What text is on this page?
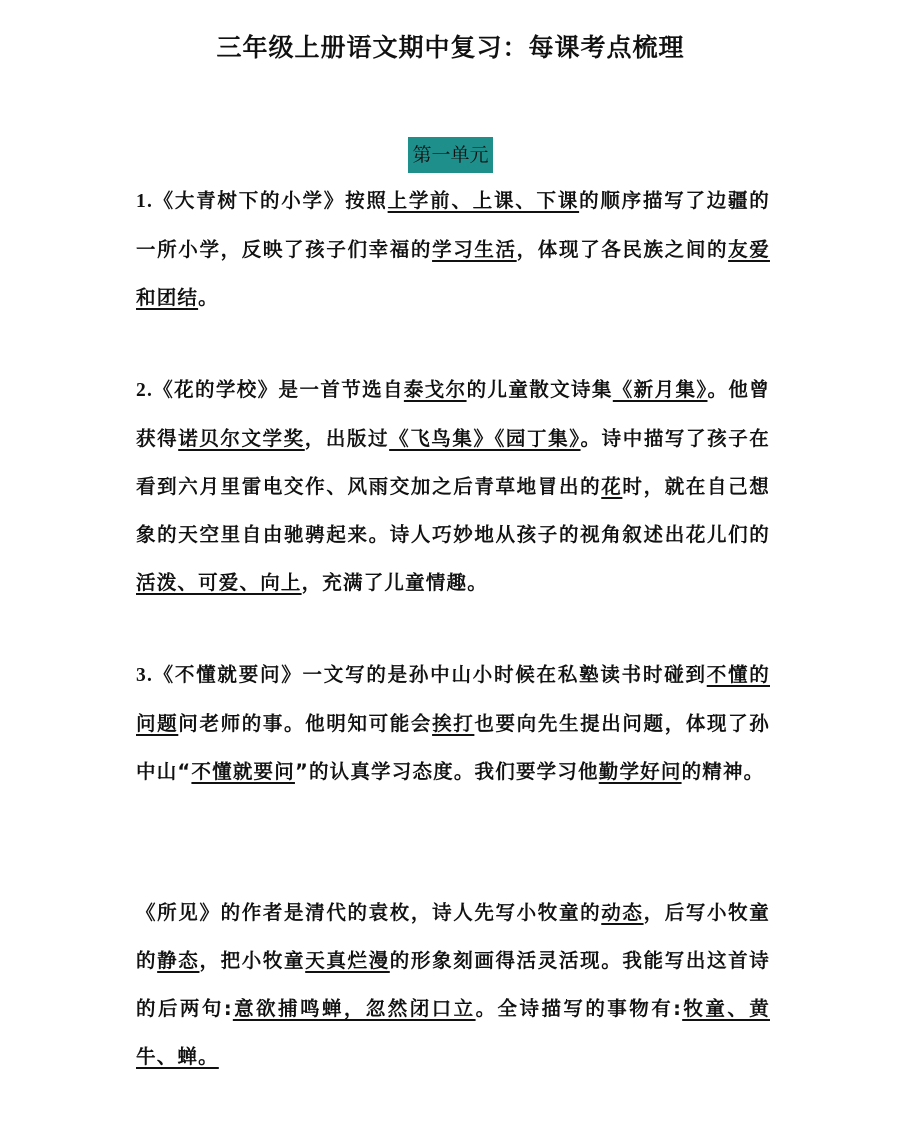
三年级上册语文期中复习：每课考点梳理
第一单元
1.《大青树下的小学》按照上学前、上课、下课的顺序描写了边疆的一所小学，反映了孩子们幸福的学习生活，体现了各民族之间的友爱和团结。
2.《花的学校》是一首节选自泰戈尔的儿童散文诗集《新月集》。他曾获得诺贝尔文学奖，出版过《飞鸟集》《园丁集》。诗中描写了孩子在看到六月里雷电交作、风雨交加之后青草地冒出的花时，就在自己想象的天空里自由驰骋起来。诗人巧妙地从孩子的视角叙述出花儿们的活泼、可爱、向上，充满了儿童情趣。
3.《不懂就要问》一文写的是孙中山小时候在私塾读书时碰到不懂的问题问老师的事。他明知可能会挨打也要向先生提出问题，体现了孙中山“不懂就要问”的认真学习态度。我们要学习他勤学好问的精神。
《所见》的作者是清代的袁枚，诗人先写小牧童的动态，后写小牧童的静态，把小牧童天真烂漫的形象刻画得活灵活现。我能写出这首诗的后两句:意欲捕鸣蝉，忽然闭口立。全诗描写的事物有:牧童、黄牛、蝉。
